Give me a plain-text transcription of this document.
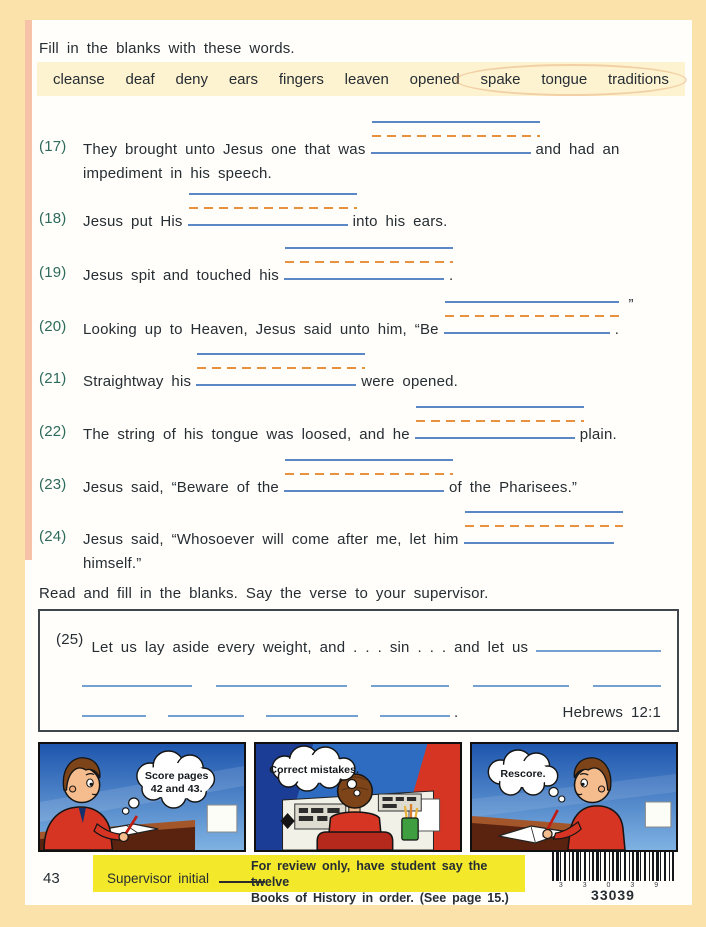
Fill in the blanks with these words.
cleanse deaf deny ears fingers leaven opened spake tongue traditions
(17)	They brought unto Jesus one that was	and had an
impediment in his speech.
(18)	Jesus put His	into his ears.
(19)	Jesus spit and touched his	.
(20)	Looking up to Heaven, Jesus said unto him, “Be
”
.
(21)	Straightway his	were opened.
(22)	The string of his tongue was loosed, and he	plain.
(23)	Jesus said, “Beware of the	of the Pharisees.”
(24)	Jesus said, “Whosoever will come after me, let him
himself.”
Read and fill in the blanks. Say the verse to your supervisor.
(25) Let us lay aside every weight, and . . . sin . . . and let us
.	Hebrews 12:1
Score pages
42 and 43.
Correct mistakes.	Rescore.
43	Supervisor initial
For review only, have student say the twelve
Books of History in order. (See page 15.)
3 3 0 3 9
33039
